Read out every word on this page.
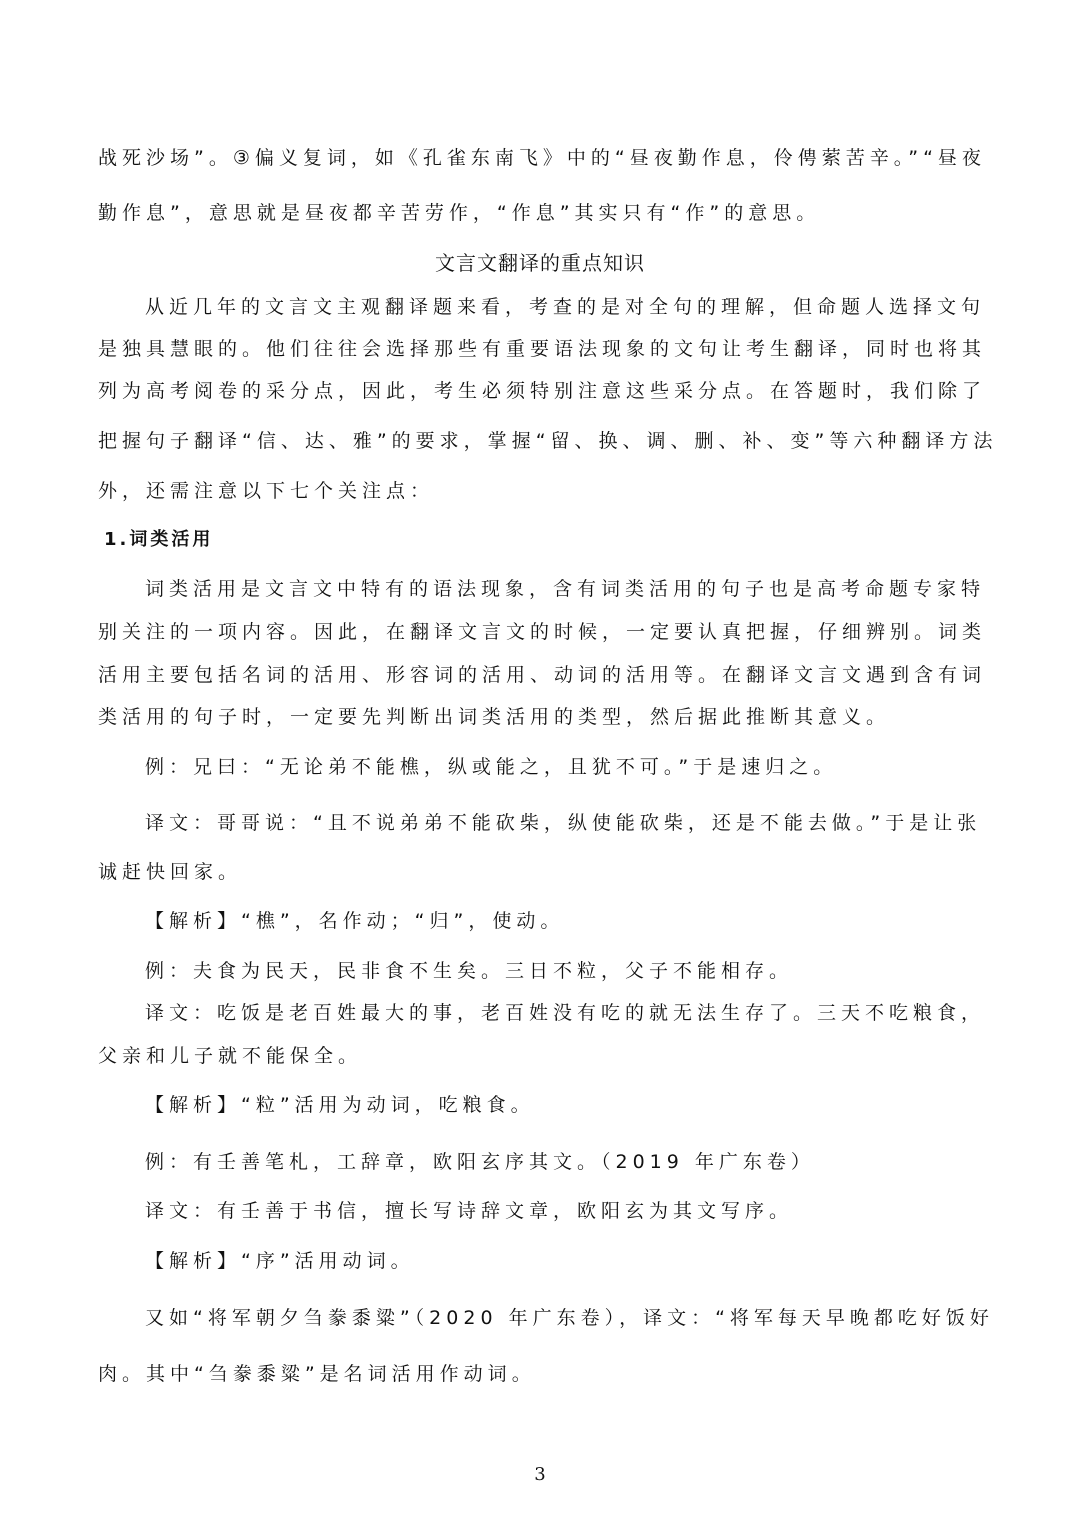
战死沙场”。③偏义复词，如《孔雀东南飞》中的“昼夜勤作息，伶俜萦苦辛。”“昼夜

勤作息”，意思就是昼夜都辛苦劳作，“作息”其实只有“作”的意思。

文言文翻译的重点知识

从近几年的文言文主观翻译题来看，考查的是对全句的理解，但命题人选择文句

是独具慧眼的。他们往往会选择那些有重要语法现象的文句让考生翻译，同时也将其

列为高考阅卷的采分点，因此，考生必须特别注意这些采分点。在答题时，我们除了

把握句子翻译“信、达、雅”的要求，掌握“留、换、调、删、补、变”等六种翻译方法

外，还需注意以下七个关注点：

1.词类活用

词类活用是文言文中特有的语法现象，含有词类活用的句子也是高考命题专家特

别关注的一项内容。因此，在翻译文言文的时候，一定要认真把握，仔细辨别。词类

活用主要包括名词的活用、形容词的活用、动词的活用等。在翻译文言文遇到含有词

类活用的句子时，一定要先判断出词类活用的类型，然后据此推断其意义。

例：兄曰：“无论弟不能樵，纵或能之，且犹不可。”于是速归之。

译文：哥哥说：“且不说弟弟不能砍柴，纵使能砍柴，还是不能去做。”于是让张

诚赶快回家。

【解析】“樵”，名作动；“归”，使动。

例：夫食为民天，民非食不生矣。三日不粒，父子不能相存。

译文：吃饭是老百姓最大的事，老百姓没有吃的就无法生存了。三天不吃粮食，

父亲和儿子就不能保全。

【解析】“粒”活用为动词，吃粮食。

例：有壬善笔札，工辞章，欧阳玄序其文。（2019 年广东卷）

译文：有壬善于书信，擅长写诗辞文章，欧阳玄为其文写序。

【解析】“序”活用动词。

又如“将军朝夕刍豢黍粱”（2020 年广东卷），译文：“将军每天早晚都吃好饭好

肉。其中“刍豢黍粱”是名词活用作动词。

3
